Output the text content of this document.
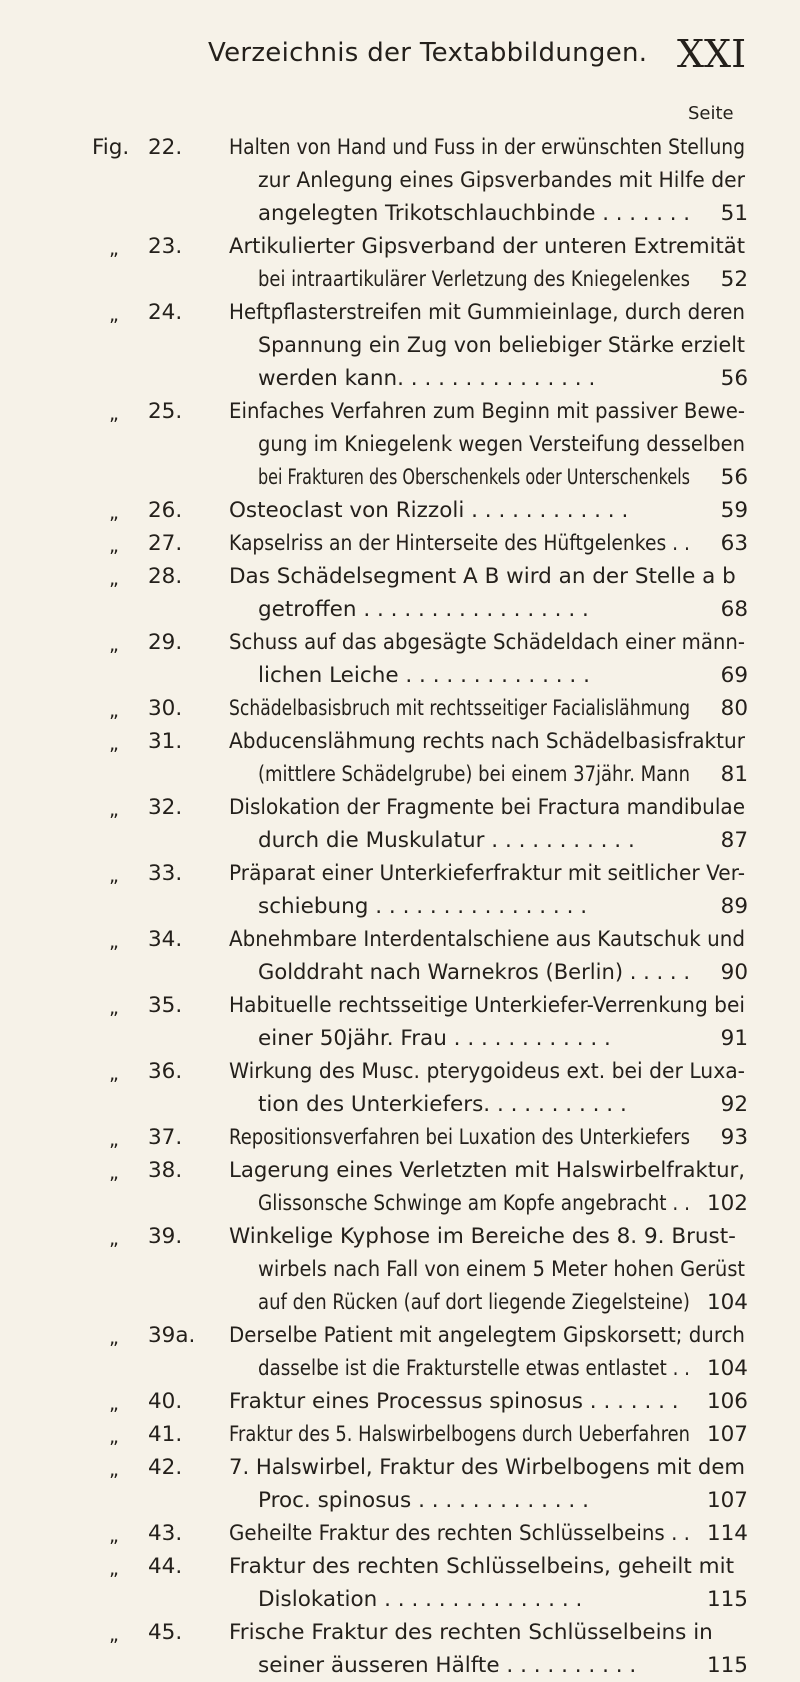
Verzeichnis der Textabbildungen. XXI
Seite
Fig. 22. Halten von Hand und Fuss in der erwünschten Stellung
zur Anlegung eines Gipsverbandes mit Hilfe der
angelegten Trikotschlauchbinde . . . . . . .	51
„ 23. Artikulierter Gipsverband der unteren Extremität
bei intraartikulärer Verletzung des Kniegelenkes	52
„ 24. Heftpflasterstreifen mit Gummieinlage, durch deren
Spannung ein Zug von beliebiger Stärke erzielt
werden kann. . . . . . . . . . . . . . .	56
„ 25. Einfaches Verfahren zum Beginn mit passiver Bewe-
gung im Kniegelenk wegen Versteifung desselben
bei Frakturen des Oberschenkels oder Unterschenkels	56
„ 26. Osteoclast von Rizzoli . . . . . . . . . . . .	59
„ 27. Kapselriss an der Hinterseite des Hüftgelenkes . .	63
„ 28. Das Schädelsegment A B wird an der Stelle a b
getroffen . . . . . . . . . . . . . . . . .	68
„ 29. Schuss auf das abgesägte Schädeldach einer männ-
lichen Leiche . . . . . . . . . . . . . .	69
„ 30. Schädelbasisbruch mit rechtsseitiger Facialislähmung	80
„ 31. Abducenslähmung rechts nach Schädelbasisfraktur
(mittlere Schädelgrube) bei einem 37jähr. Mann	81
„ 32. Dislokation der Fragmente bei Fractura mandibulae
durch die Muskulatur . . . . . . . . . . .	87
„ 33. Präparat einer Unterkieferfraktur mit seitlicher Ver-
schiebung . . . . . . . . . . . . . . . .	89
„ 34. Abnehmbare Interdentalschiene aus Kautschuk und
Golddraht nach Warnekros (Berlin) . . . . .	90
„ 35. Habituelle rechtsseitige Unterkiefer-Verrenkung bei
einer 50jähr. Frau . . . . . . . . . . . .	91
„ 36. Wirkung des Musc. pterygoideus ext. bei der Luxa-
tion des Unterkiefers. . . . . . . . . . .	92
„ 37. Repositionsverfahren bei Luxation des Unterkiefers	93
„ 38. Lagerung eines Verletzten mit Halswirbelfraktur,
Glissonsche Schwinge am Kopfe angebracht . . 102
„ 39. Winkelige Kyphose im Bereiche des 8. 9. Brust-
wirbels nach Fall von einem 5 Meter hohen Gerüst
auf den Rücken (auf dort liegende Ziegelsteine) 104
„ 39a. Derselbe Patient mit angelegtem Gipskorsett; durch
dasselbe ist die Frakturstelle etwas entlastet . . 104
„ 40. Fraktur eines Processus spinosus . . . . . . .	106
„ 41. Fraktur des 5. Halswirbelbogens durch Ueberfahren 107
„ 42. 7. Halswirbel, Fraktur des Wirbelbogens mit dem
Proc. spinosus . . . . . . . . . . . . .	107
„ 43. Geheilte Fraktur des rechten Schlüsselbeins . . 114
„ 44. Fraktur des rechten Schlüsselbeins, geheilt mit
Dislokation . . . . . . . . . . . . . . .	115
„ 45. Frische Fraktur des rechten Schlüsselbeins in
seiner äusseren Hälfte . . . . . . . . . .	115
